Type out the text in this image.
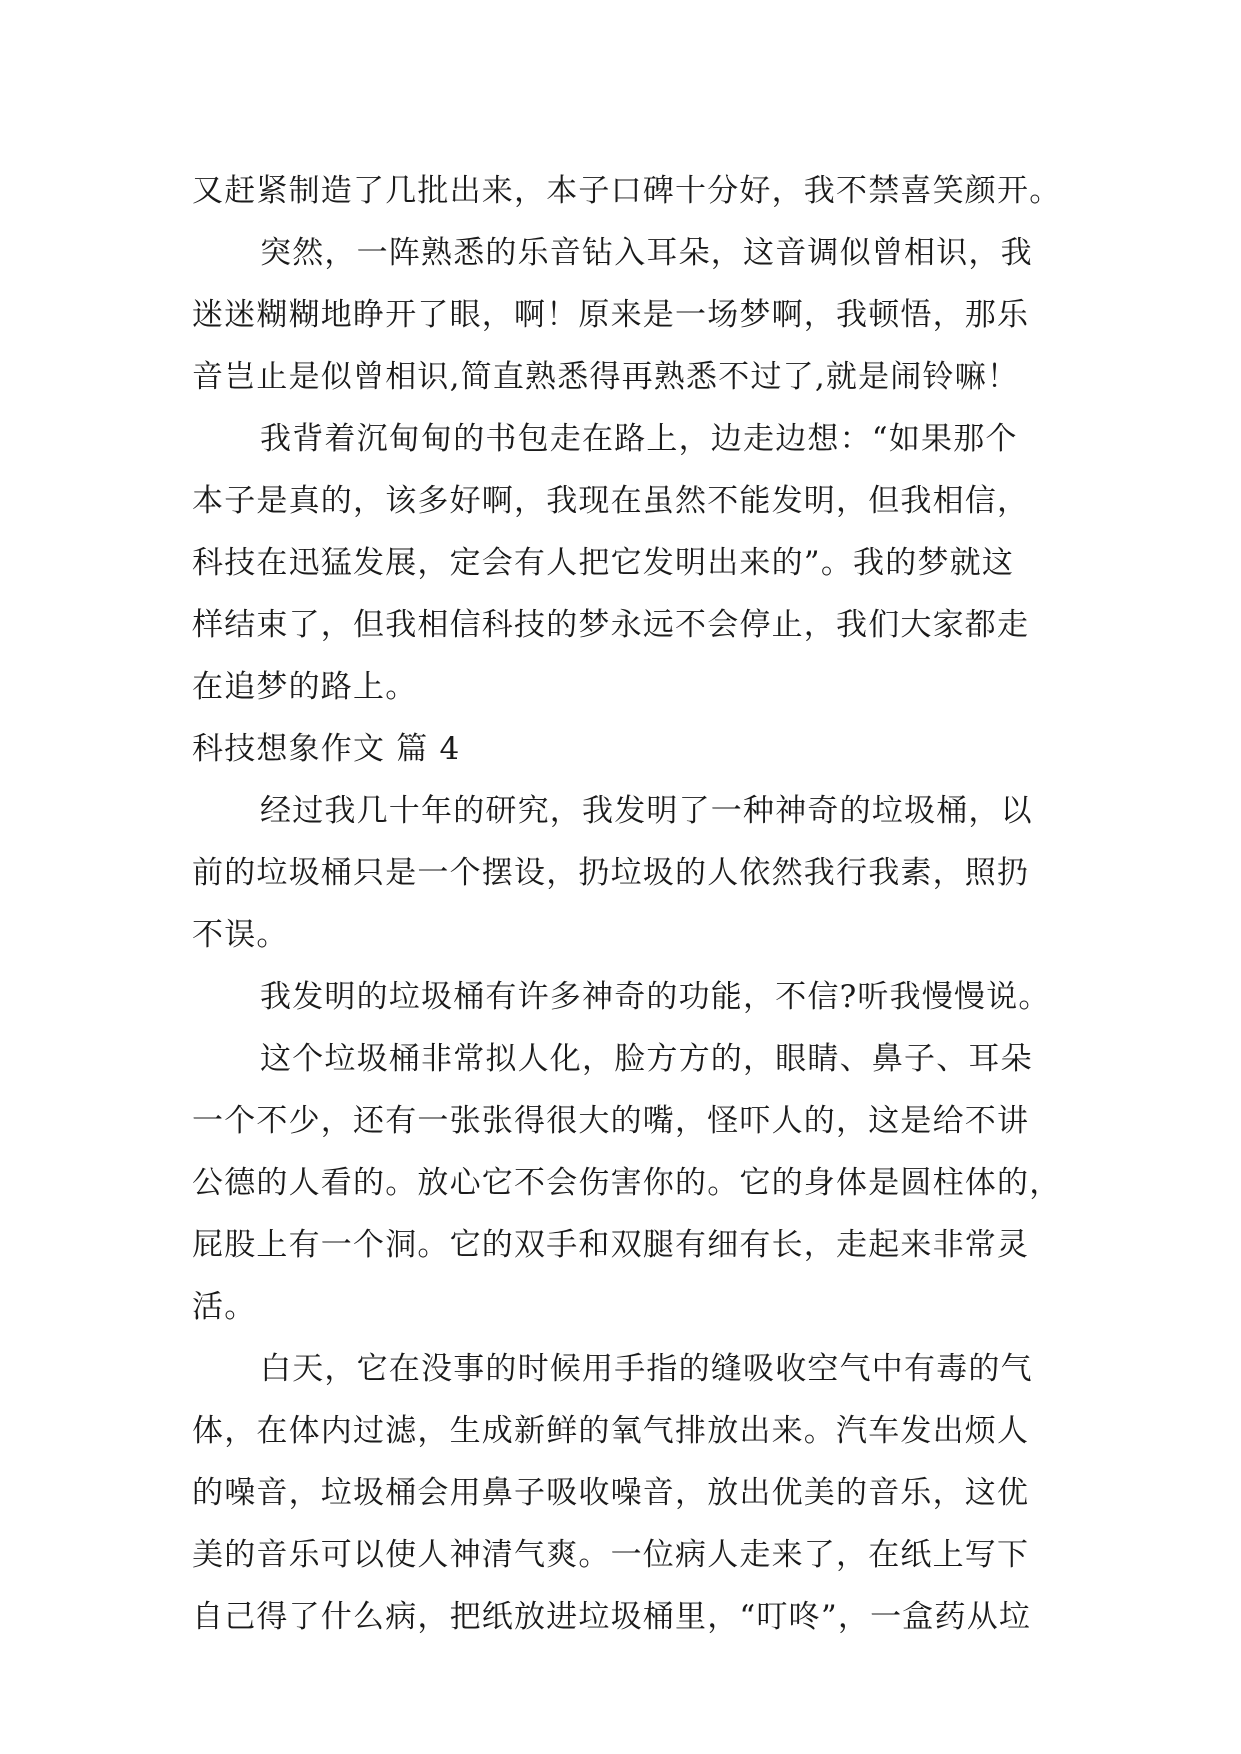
又赶紧制造了几批出来，本子口碑十分好，我不禁喜笑颜开。
突然，一阵熟悉的乐音钻入耳朵，这音调似曾相识，我
迷迷糊糊地睁开了眼，啊！原来是一场梦啊，我顿悟，那乐
音岂止是似曾相识,简直熟悉得再熟悉不过了,就是闹铃嘛！
我背着沉甸甸的书包走在路上，边走边想：“如果那个
本子是真的，该多好啊，我现在虽然不能发明，但我相信，
科技在迅猛发展，定会有人把它发明出来的”。我的梦就这
样结束了，但我相信科技的梦永远不会停止，我们大家都走
在追梦的路上。
科技想象作文 篇 4
经过我几十年的研究，我发明了一种神奇的垃圾桶，以
前的垃圾桶只是一个摆设，扔垃圾的人依然我行我素，照扔
不误。
我发明的垃圾桶有许多神奇的功能，不信?听我慢慢说。
这个垃圾桶非常拟人化，脸方方的，眼睛、鼻子、耳朵
一个不少，还有一张张得很大的嘴，怪吓人的，这是给不讲
公德的人看的。放心它不会伤害你的。它的身体是圆柱体的，
屁股上有一个洞。它的双手和双腿有细有长，走起来非常灵
活。
白天，它在没事的时候用手指的缝吸收空气中有毒的气
体，在体内过滤，生成新鲜的氧气排放出来。汽车发出烦人
的噪音，垃圾桶会用鼻子吸收噪音，放出优美的音乐，这优
美的音乐可以使人神清气爽。一位病人走来了，在纸上写下
自己得了什么病，把纸放进垃圾桶里，“叮咚”，一盒药从垃
